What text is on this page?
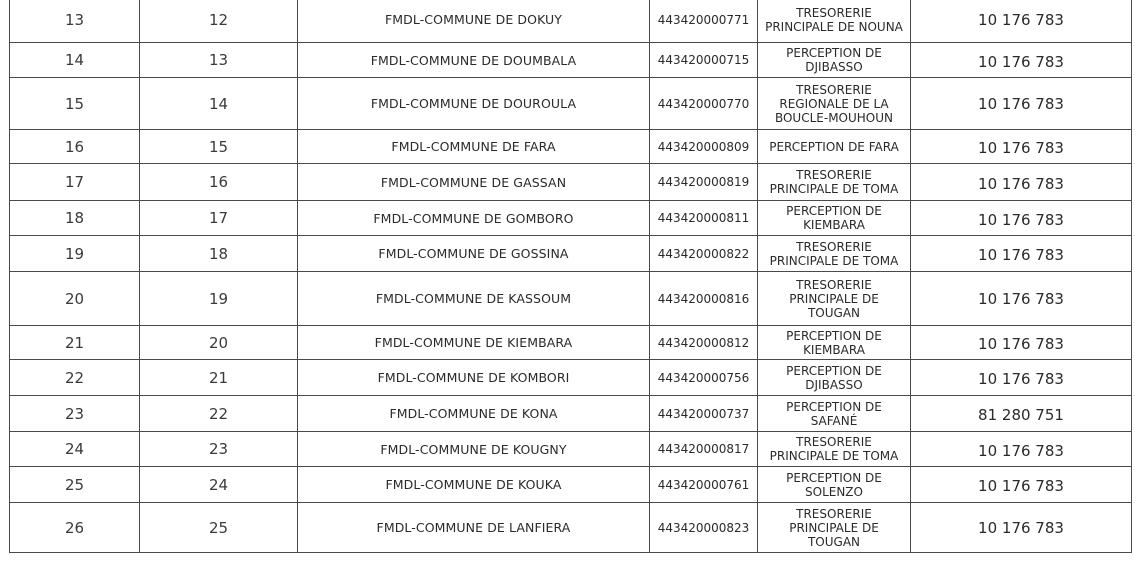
13	12	FMDL-COMMUNE DE DOKUY	443420000771	TRESORERIE PRINCIPALE DE NOUNA	10 176 783
14	13	FMDL-COMMUNE DE DOUMBALA	443420000715	PERCEPTION DE DJIBASSO	10 176 783
15	14	FMDL-COMMUNE DE DOUROULA	443420000770	TRESORERIE REGIONALE DE LA BOUCLE-MOUHOUN	10 176 783
16	15	FMDL-COMMUNE DE FARA	443420000809	PERCEPTION DE FARA	10 176 783
17	16	FMDL-COMMUNE DE GASSAN	443420000819	TRESORERIE PRINCIPALE DE TOMA	10 176 783
18	17	FMDL-COMMUNE DE GOMBORO	443420000811	PERCEPTION DE KIEMBARA	10 176 783
19	18	FMDL-COMMUNE DE GOSSINA	443420000822	TRESORERIE PRINCIPALE DE TOMA	10 176 783
20	19	FMDL-COMMUNE DE KASSOUM	443420000816	TRESORERIE PRINCIPALE DE TOUGAN	10 176 783
21	20	FMDL-COMMUNE DE KIEMBARA	443420000812	PERCEPTION DE KIEMBARA	10 176 783
22	21	FMDL-COMMUNE DE KOMBORI	443420000756	PERCEPTION DE DJIBASSO	10 176 783
23	22	FMDL-COMMUNE DE KONA	443420000737	PERCEPTION DE SAFANÉ	81 280 751
24	23	FMDL-COMMUNE DE KOUGNY	443420000817	TRESORERIE PRINCIPALE DE TOMA	10 176 783
25	24	FMDL-COMMUNE DE KOUKA	443420000761	PERCEPTION DE SOLENZO	10 176 783
26	25	FMDL-COMMUNE DE LANFIERA	443420000823	TRESORERIE PRINCIPALE DE TOUGAN	10 176 783
